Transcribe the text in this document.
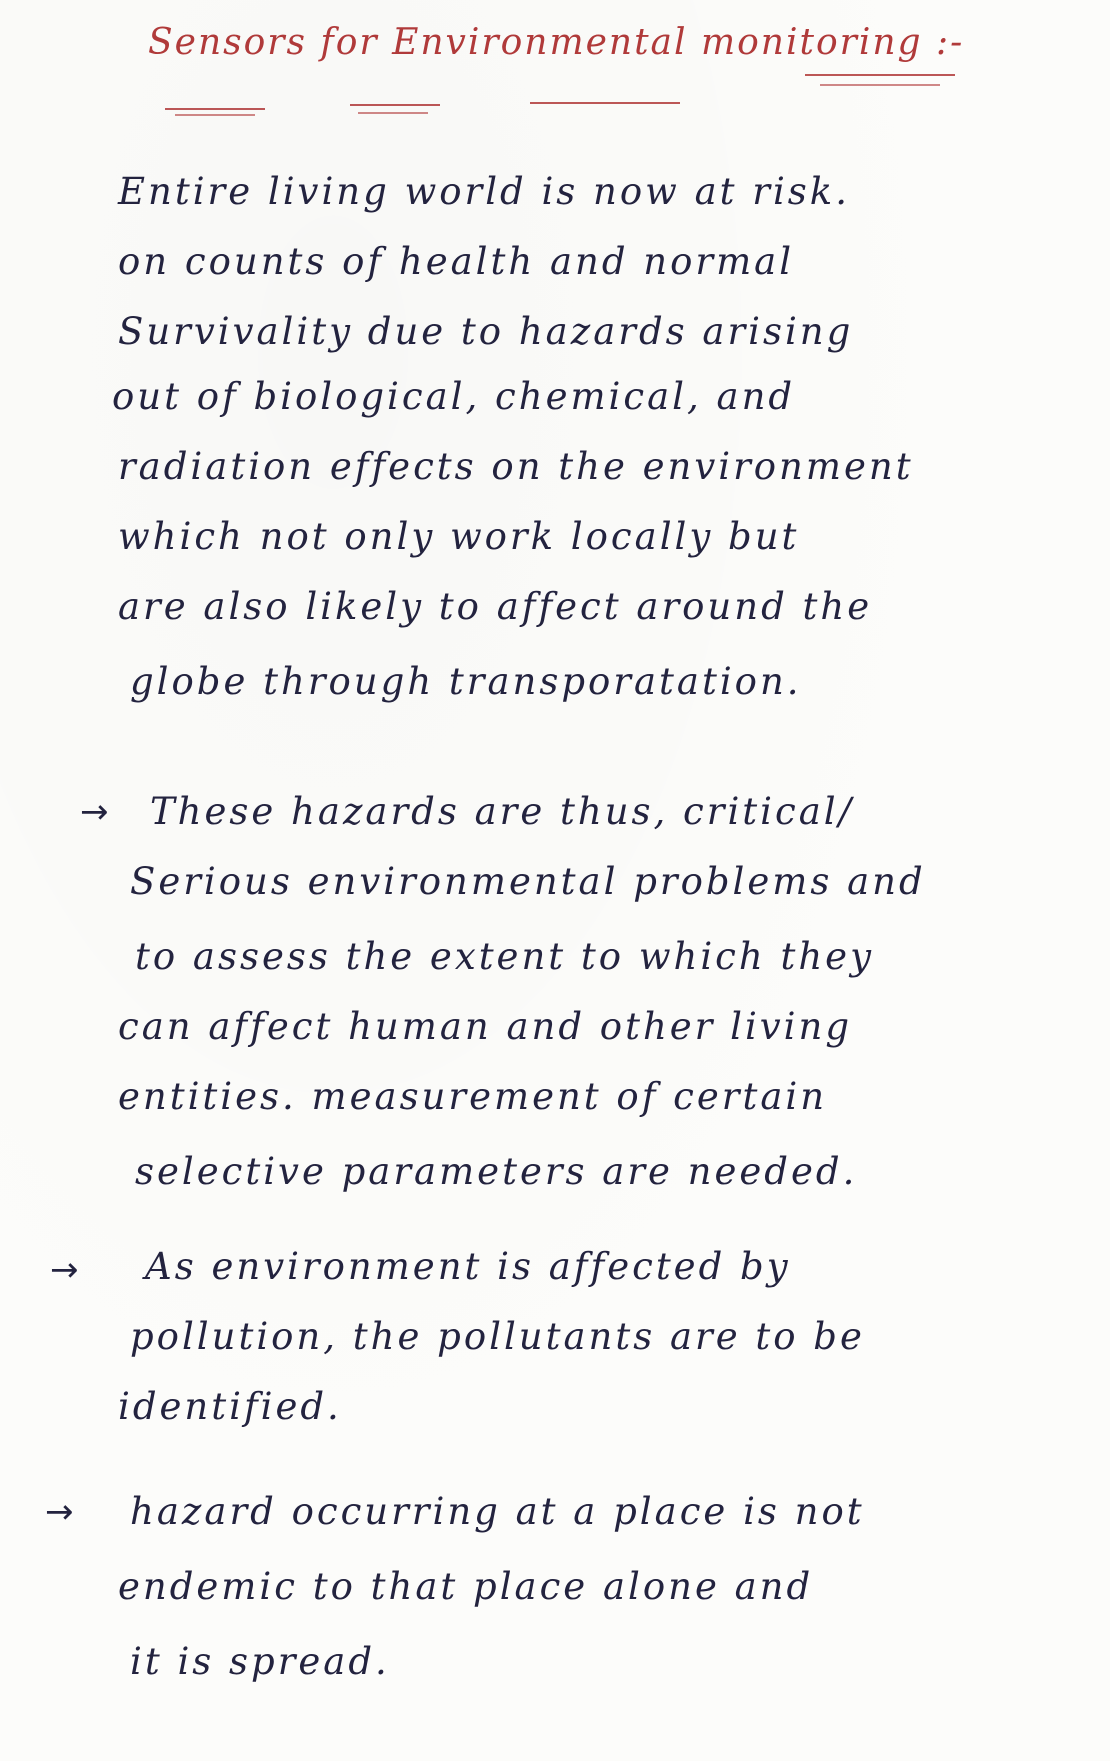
Sensors for Environmental monitoring :-
Entire living world is now at risk.
on counts of health and normal
Survivality due to hazards arising
out of biological, chemical, and
radiation effects on the environment
which not only work locally but
are also likely to affect around the
globe through transporatation.
→ These hazards are thus, critical/
Serious environmental problems and
to assess the extent to which they
can affect human and other living
entities. measurement of certain
selective parameters are needed.
→ As environment is affected by
pollution, the pollutants are to be
identified.
→ hazard occurring at a place is not
endemic to that place alone and
it is spread.
